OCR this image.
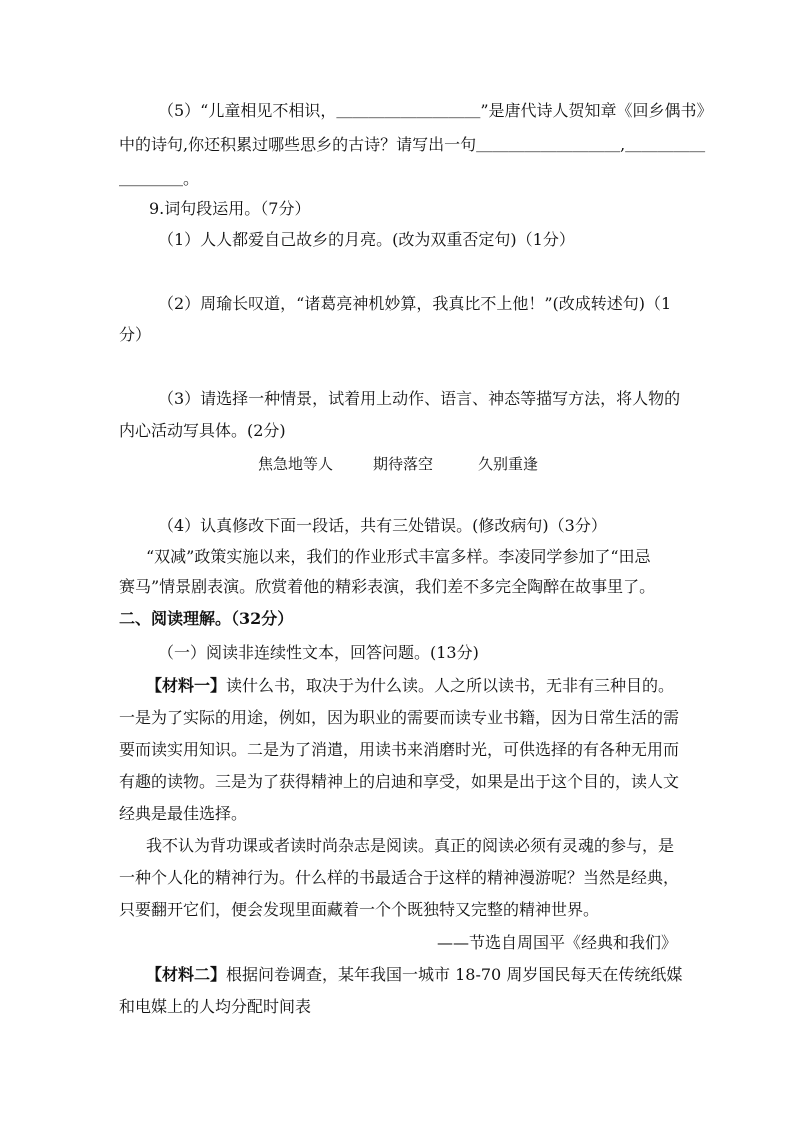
（5）“儿童相见不相识，＿＿＿＿＿＿＿＿＿”是唐代诗人贺知章《回乡偶书》
中的诗句,你还积累过哪些思乡的古诗？请写出一句＿＿＿＿＿＿＿＿＿,＿＿＿＿＿
＿＿＿＿。
9.词句段运用。（7分）
（1）人人都爱自己故乡的月亮。(改为双重否定句)（1分）
（2）周瑜长叹道，“诸葛亮神机妙算，我真比不上他！”(改成转述句)（1
分）
（3）请选择一种情景，试着用上动作、语言、神态等描写方法，将人物的
内心活动写具体。(2分)
焦急地等人	期待落空	久别重逢
（4）认真修改下面一段话，共有三处错误。(修改病句)（3分）
“双减”政策实施以来，我们的作业形式丰富多样。李凌同学参加了“田忌
赛马”情景剧表演。欣赏着他的精彩表演，我们差不多完全陶醉在故事里了。
二、阅读理解。（32分）
（一）阅读非连续性文本，回答问题。(13分)
【材料一】读什么书，取决于为什么读。人之所以读书，无非有三种目的。
一是为了实际的用途，例如，因为职业的需要而读专业书籍，因为日常生活的需
要而读实用知识。二是为了消遣，用读书来消磨时光，可供选择的有各种无用而
有趣的读物。三是为了获得精神上的启迪和享受，如果是出于这个目的，读人文
经典是最佳选择。
我不认为背功课或者读时尚杂志是阅读。真正的阅读必须有灵魂的参与，是
一种个人化的精神行为。什么样的书最适合于这样的精神漫游呢？当然是经典，
只要翻开它们，便会发现里面藏着一个个既独特又完整的精神世界。
——节选自周国平《经典和我们》
【材料二】根据问卷调查，某年我国一城市 18-70 周岁国民每天在传统纸媒
和电媒上的人均分配时间表
